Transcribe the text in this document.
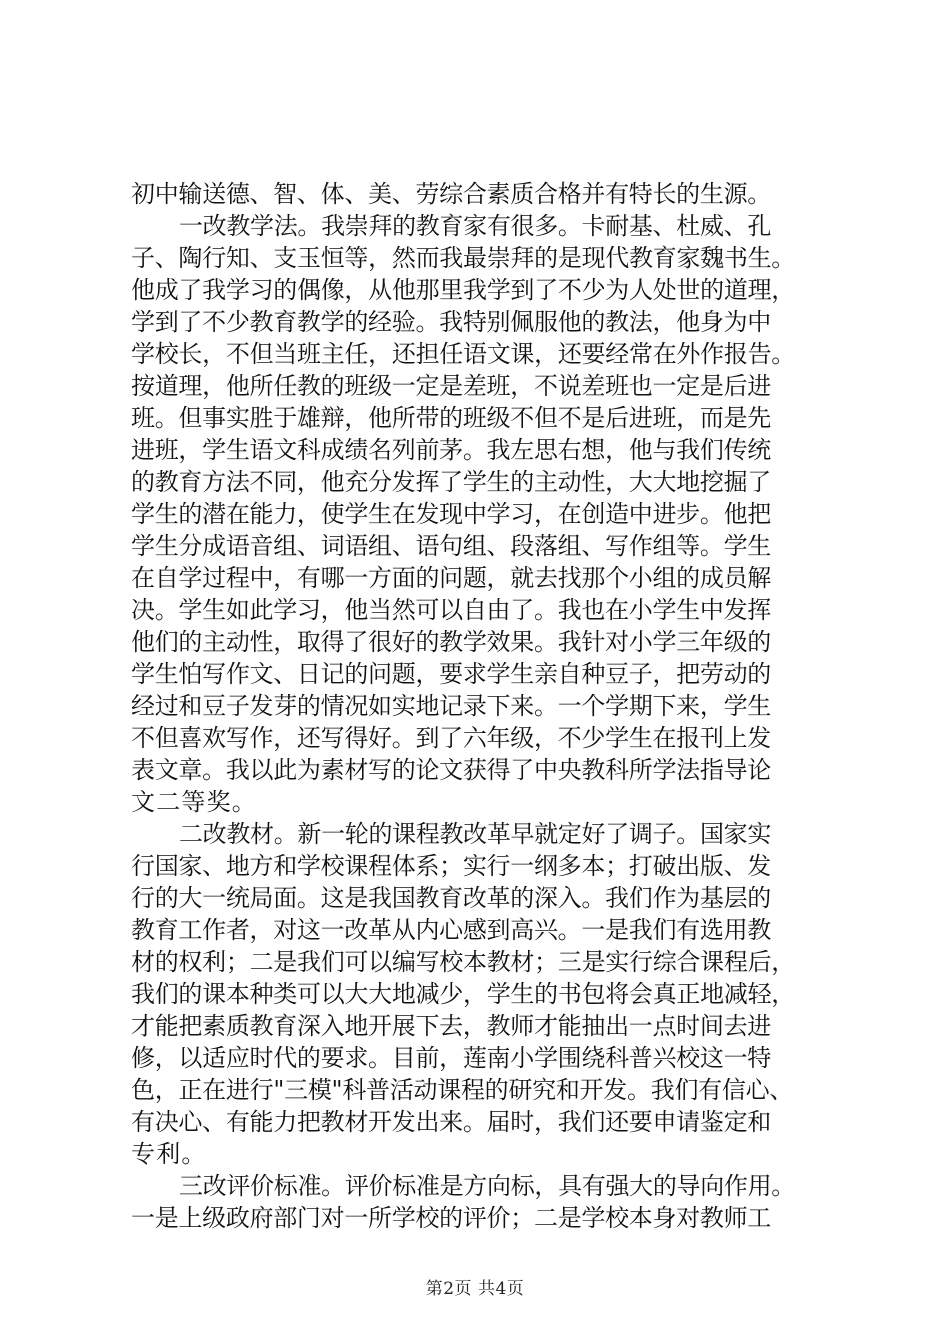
初中输送德、智、体、美、劳综合素质合格并有特长的生源。
一改教学法。我崇拜的教育家有很多。卡耐基、杜威、孔
子、陶行知、支玉恒等，然而我最崇拜的是现代教育家魏书生。
他成了我学习的偶像，从他那里我学到了不少为人处世的道理，
学到了不少教育教学的经验。我特别佩服他的教法，他身为中
学校长，不但当班主任，还担任语文课，还要经常在外作报告。
按道理，他所任教的班级一定是差班，不说差班也一定是后进
班。但事实胜于雄辩，他所带的班级不但不是后进班，而是先
进班，学生语文科成绩名列前茅。我左思右想，他与我们传统
的教育方法不同，他充分发挥了学生的主动性，大大地挖掘了
学生的潜在能力，使学生在发现中学习，在创造中进步。他把
学生分成语音组、词语组、语句组、段落组、写作组等。学生
在自学过程中，有哪一方面的问题，就去找那个小组的成员解
决。学生如此学习，他当然可以自由了。我也在小学生中发挥
他们的主动性，取得了很好的教学效果。我针对小学三年级的
学生怕写作文、日记的问题，要求学生亲自种豆子，把劳动的
经过和豆子发芽的情况如实地记录下来。一个学期下来，学生
不但喜欢写作，还写得好。到了六年级，不少学生在报刊上发
表文章。我以此为素材写的论文获得了中央教科所学法指导论
文二等奖。
二改教材。新一轮的课程教改革早就定好了调子。国家实
行国家、地方和学校课程体系；实行一纲多本；打破出版、发
行的大一统局面。这是我国教育改革的深入。我们作为基层的
教育工作者，对这一改革从内心感到高兴。一是我们有选用教
材的权利；二是我们可以编写校本教材；三是实行综合课程后，
我们的课本种类可以大大地减少，学生的书包将会真正地减轻，
才能把素质教育深入地开展下去，教师才能抽出一点时间去进
修，以适应时代的要求。目前，莲南小学围绕科普兴校这一特
色，正在进行"三模"科普活动课程的研究和开发。我们有信心、
有决心、有能力把教材开发出来。届时，我们还要申请鉴定和
专利。
三改评价标准。评价标准是方向标，具有强大的导向作用。
一是上级政府部门对一所学校的评价；二是学校本身对教师工
第2页 共4页
